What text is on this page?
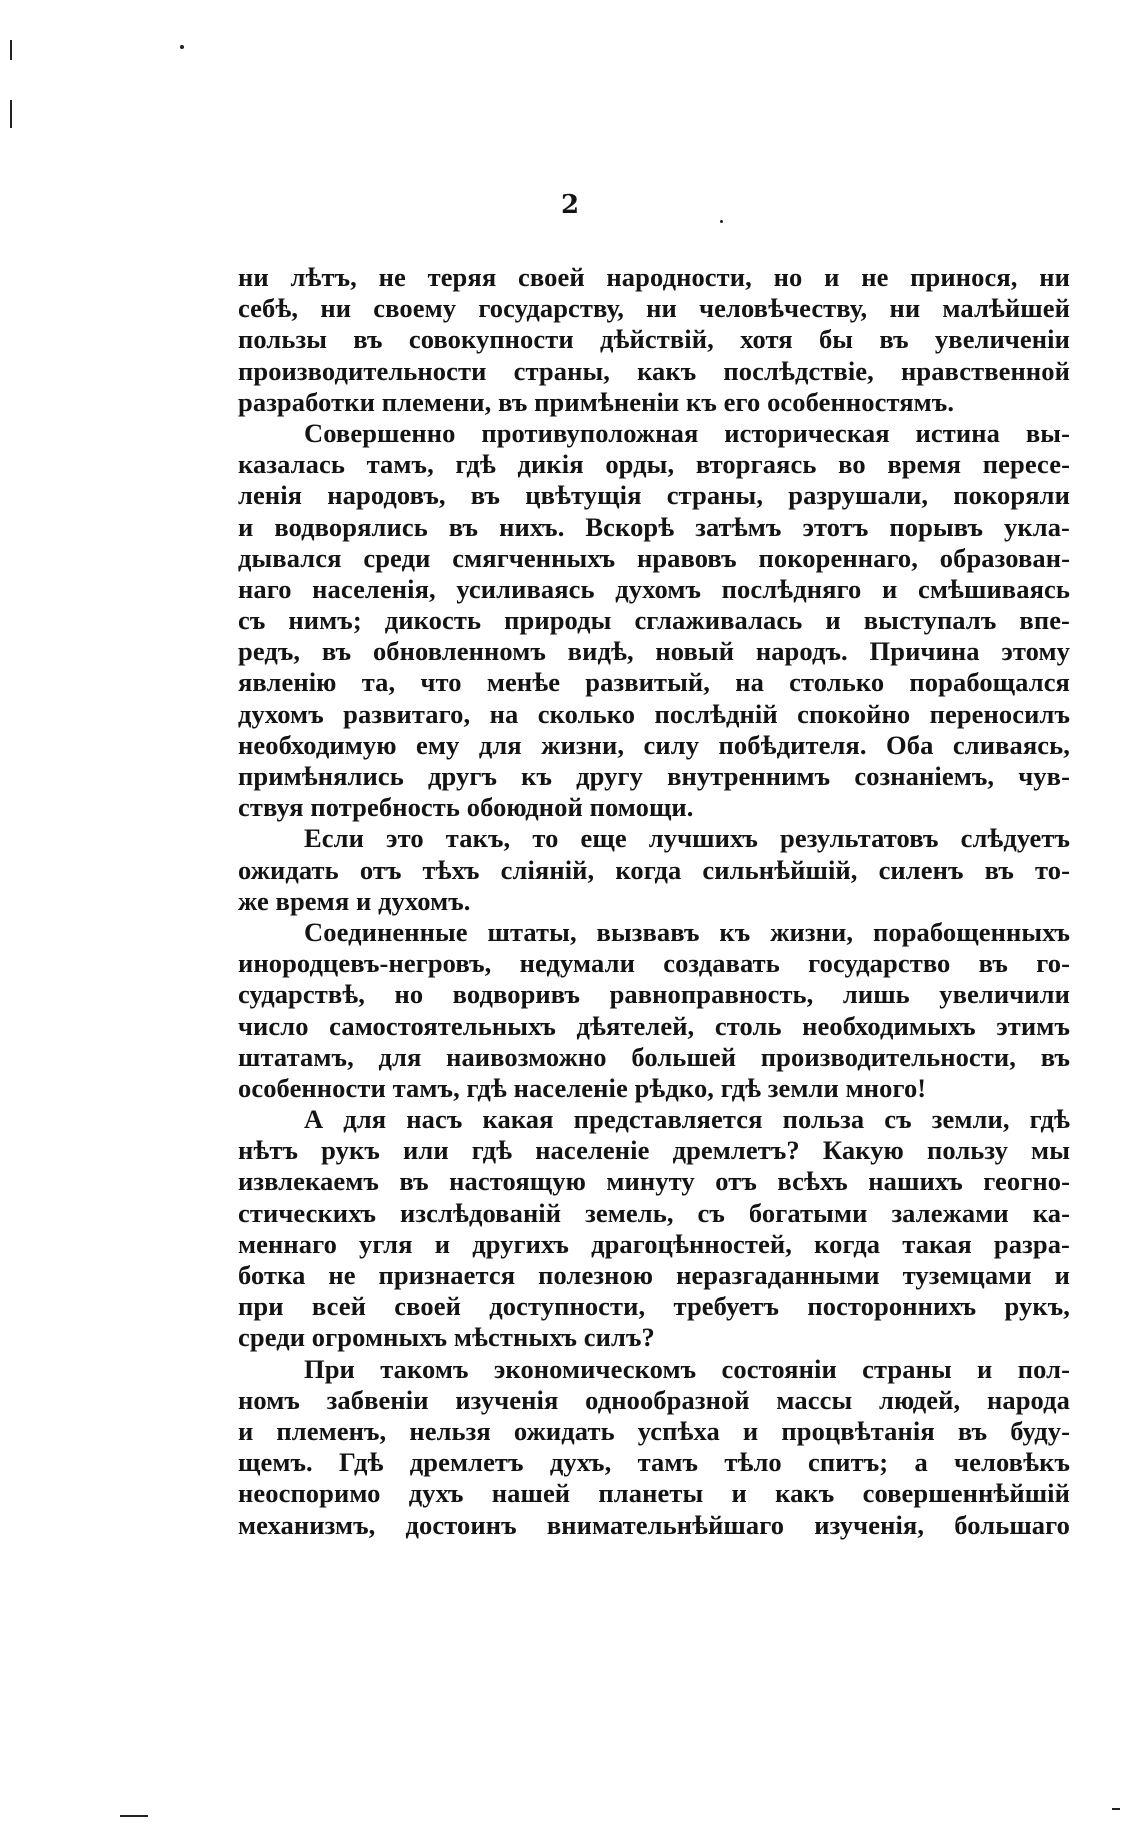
2
ни лѣтъ, не теряя своей народности, но и не принося, ни
себѣ, ни своему государству, ни человѣчеству, ни малѣйшей
пользы въ совокупности дѣйствій, хотя бы въ увеличеніи
производительности страны, какъ послѣдствіе, нравственной
разработки племени, въ примѣненіи къ его особенностямъ.
Совершенно противуположная историческая истина вы-
казалась тамъ, гдѣ дикія орды, вторгаясь во время пересе-
ленія народовъ, въ цвѣтущія страны, разрушали, покоряли
и водворялись въ нихъ. Вскорѣ затѣмъ этотъ порывъ укла-
дывался среди смягченныхъ нравовъ покореннаго, образован-
наго населенія, усиливаясь духомъ послѣдняго и смѣшиваясь
съ нимъ; дикость природы сглаживалась и выступалъ впе-
редъ, въ обновленномъ видѣ, новый народъ. Причина этому
явленію та, что менѣе развитый, на столько порабощался
духомъ развитаго, на сколько послѣдній спокойно переносилъ
необходимую ему для жизни, силу побѣдителя. Оба сливаясь,
примѣнялись другъ къ другу внутреннимъ сознаніемъ, чув-
ствуя потребность обоюдной помощи.
Если это такъ, то еще лучшихъ результатовъ слѣдуетъ
ожидать отъ тѣхъ слiяній, когда сильнѣйшій, силенъ въ то-
же время и духомъ.
Соединенные штаты, вызвавъ къ жизни, порабощенныхъ
инородцевъ-негровъ, недумали создавать государство въ го-
сударствѣ, но водворивъ равноправность, лишь увеличили
число самостоятельныхъ дѣятелей, столь необходимыхъ этимъ
штатамъ, для наивозможно большей производительности, въ
особенности тамъ, гдѣ населеніе рѣдко, гдѣ земли много!
А для насъ какая представляется польза съ земли, гдѣ
нѣтъ рукъ или гдѣ населеніе дремлетъ? Какую пользу мы
извлекаемъ въ настоящую минуту отъ всѣхъ нашихъ геогно-
стическихъ изслѣдованій земель, съ богатыми залежами ка-
меннаго угля и другихъ драгоцѣнностей, когда такая разра-
ботка не признается полезною неразгаданными туземцами и
при всей своей доступности, требуетъ постороннихъ рукъ,
среди огромныхъ мѣстныхъ силъ?
При такомъ экономическомъ состояніи страны и пол-
номъ забвеніи изученія однообразной массы людей, народа
и племенъ, нельзя ожидать успѣха и процвѣтанія въ буду-
щемъ. Гдѣ дремлетъ духъ, тамъ тѣло спитъ; а человѣкъ
неоспоримо духъ нашей планеты и какъ совершеннѣйшій
механизмъ, достоинъ внимательнѣйшаго изученія, большаго
